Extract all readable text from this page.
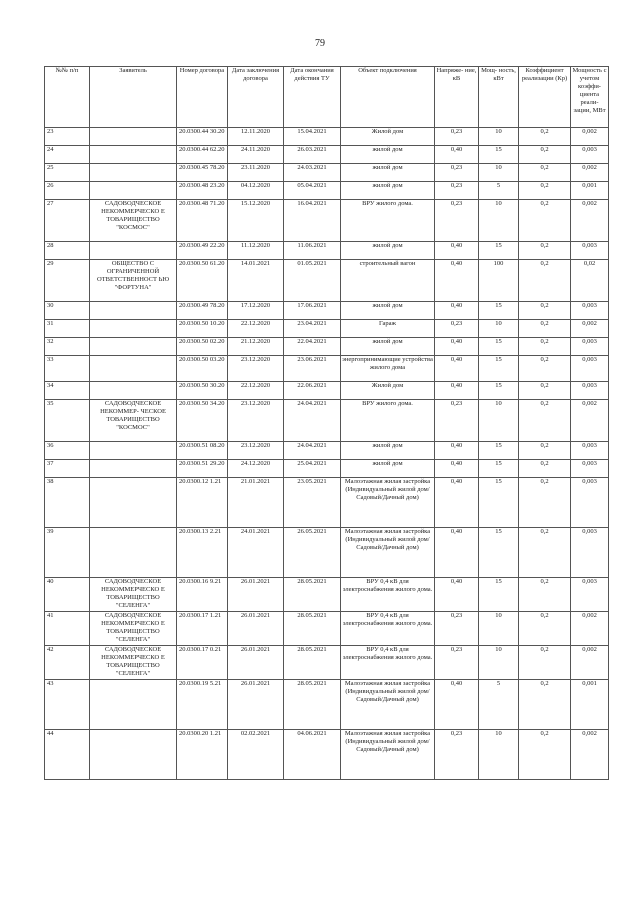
79
№№ п/п	Заявитель	Номер договора	Дата заключения договора	Дата окончания действия ТУ	Объект подключения	Напряже- ние, кВ	Мощ- ность, кВт	Коэффициент реализации (Кр)	Мощность с учетом коэффи- циента реали- зации, МВт
23		20.0300.44 30.20	12.11.2020	15.04.2021	Жилой дом	0,23	10	0,2	0,002
24		20.0300.44 62.20	24.11.2020	26.03.2021	жилой дом	0,40	15	0,2	0,003
25		20.0300.45 78.20	23.11.2020	24.03.2021	жилой дом	0,23	10	0,2	0,002
26		20.0300.48 23.20	04.12.2020	05.04.2021	жилой дом	0,23	5	0,2	0,001
27	САДОВОДЧЕСКОЕ НЕКОММЕРЧЕСКО Е ТОВАРИЩЕСТВО "КОСМОС"	20.0300.48 71.20	15.12.2020	16.04.2021	ВРУ жилого дома.	0,23	10	0,2	0,002
28		20.0300.49 22.20	11.12.2020	11.06.2021	жилой дом	0,40	15	0,2	0,003
29	ОБЩЕСТВО С ОГРАНИЧЕННОЙ ОТВЕТСТВЕННОСТ ЬЮ "ФОРТУНА"	20.0300.50 61.20	14.01.2021	01.05.2021	строительный вагон	0,40	100	0,2	0,02
30		20.0300.49 78.20	17.12.2020	17.06.2021	жилой дом	0,40	15	0,2	0,003
31		20.0300.50 10.20	22.12.2020	23.04.2021	Гараж	0,23	10	0,2	0,002
32		20.0300.50 02.20	21.12.2020	22.04.2021	жилой дом	0,40	15	0,2	0,003
33		20.0300.50 03.20	23.12.2020	23.06.2021	энергопринимающие устройства жилого дома	0,40	15	0,2	0,003
34		20.0300.50 30.20	22.12.2020	22.06.2021	Жилой дом	0,40	15	0,2	0,003
35	САДОВОДЧЕСКОЕ НЕКОММЕР- ЧЕСКОЕ ТОВАРИЩЕСТВО "КОСМОС"	20.0300.50 34.20	23.12.2020	24.04.2021	ВРУ жилого дома.	0,23	10	0,2	0,002
36		20.0300.51 08.20	23.12.2020	24.04.2021	жилой дом	0,40	15	0,2	0,003
37		20.0300.51 29.20	24.12.2020	25.04.2021	жилой дом	0,40	15	0,2	0,003
38		20.0300.12 1.21	21.01.2021	23.05.2021	Малоэтажная жилая застройка (Индивидуальный жилой дом/ Садовый/Дачный дом)	0,40	15	0,2	0,003
39		20.0300.13 2.21	24.01.2021	26.05.2021	Малоэтажная жилая застройка (Индивидуальный жилой дом/ Садовый/Дачный дом)	0,40	15	0,2	0,003
40	САДОВОДЧЕСКОЕ НЕКОММЕРЧЕСКО Е ТОВАРИЩЕСТВО "СЕЛЕНГА"	20.0300.16 9.21	26.01.2021	28.05.2021	ВРУ 0,4 кВ для электроснабжения жилого дома.	0,40	15	0,2	0,003
41	САДОВОДЧЕСКОЕ НЕКОММЕРЧЕСКО Е ТОВАРИЩЕСТВО "СЕЛЕНГА"	20.0300.17 1.21	26.01.2021	28.05.2021	ВРУ 0,4 кВ для электроснабжения жилого дома.	0,23	10	0,2	0,002
42	САДОВОДЧЕСКОЕ НЕКОММЕРЧЕСКО Е ТОВАРИЩЕСТВО "СЕЛЕНГА"	20.0300.17 0.21	26.01.2021	28.05.2021	ВРУ 0,4 кВ для электроснабжения жилого дома.	0,23	10	0,2	0,002
43		20.0300.19 5.21	26.01.2021	28.05.2021	Малоэтажная жилая застройка (Индивидуальный жилой дом/ Садовый/Дачный дом)	0,40	5	0,2	0,001
44		20.0300.20 1.21	02.02.2021	04.06.2021	Малоэтажная жилая застройка (Индивидуальный жилой дом/ Садовый/Дачный дом)	0,23	10	0,2	0,002
